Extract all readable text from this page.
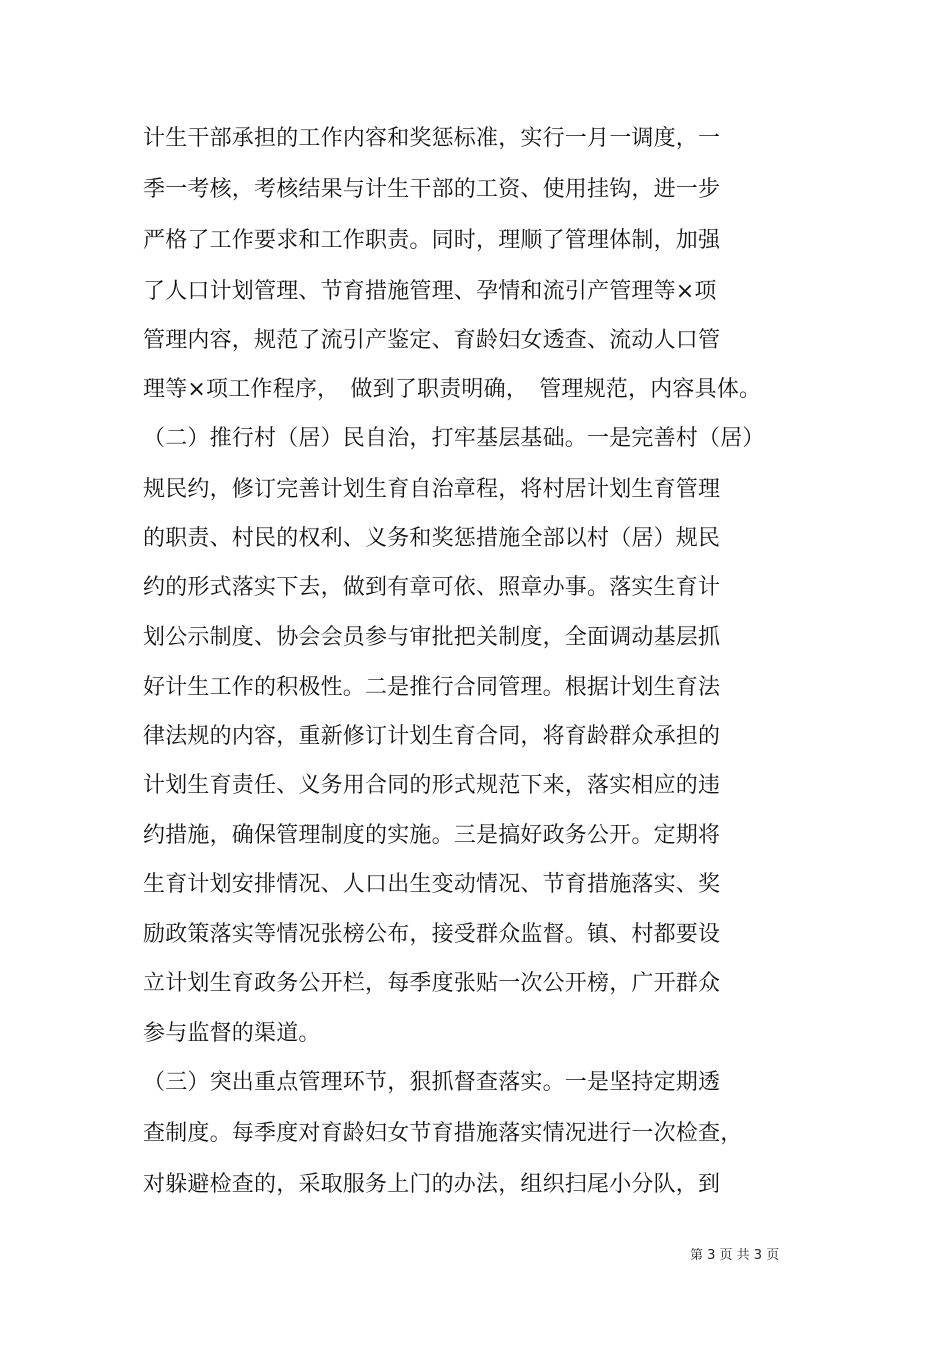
计生干部承担的工作内容和奖惩标准，实行一月一调度，一
季一考核，考核结果与计生干部的工资、使用挂钩，进一步
严格了工作要求和工作职责。同时，理顺了管理体制，加强
了人口计划管理、节育措施管理、孕情和流引产管理等×项
管理内容，规范了流引产鉴定、育龄妇女透查、流动人口管
理等×项工作程序，　做到了职责明确，　管理规范，内容具体。
（二）推行村（居）民自治，打牢基层基础。一是完善村（居）
规民约，修订完善计划生育自治章程，将村居计划生育管理
的职责、村民的权利、义务和奖惩措施全部以村（居）规民
约的形式落实下去，做到有章可依、照章办事。落实生育计
划公示制度、协会会员参与审批把关制度，全面调动基层抓
好计生工作的积极性。二是推行合同管理。根据计划生育法
律法规的内容，重新修订计划生育合同，将育龄群众承担的
计划生育责任、义务用合同的形式规范下来，落实相应的违
约措施，确保管理制度的实施。三是搞好政务公开。定期将
生育计划安排情况、人口出生变动情况、节育措施落实、奖
励政策落实等情况张榜公布，接受群众监督。镇、村都要设
立计划生育政务公开栏，每季度张贴一次公开榜，广开群众
参与监督的渠道。
（三）突出重点管理环节，狠抓督查落实。一是坚持定期透
查制度。每季度对育龄妇女节育措施落实情况进行一次检查，
对躲避检查的，采取服务上门的办法，组织扫尾小分队，到
第 3 页 共 3 页
